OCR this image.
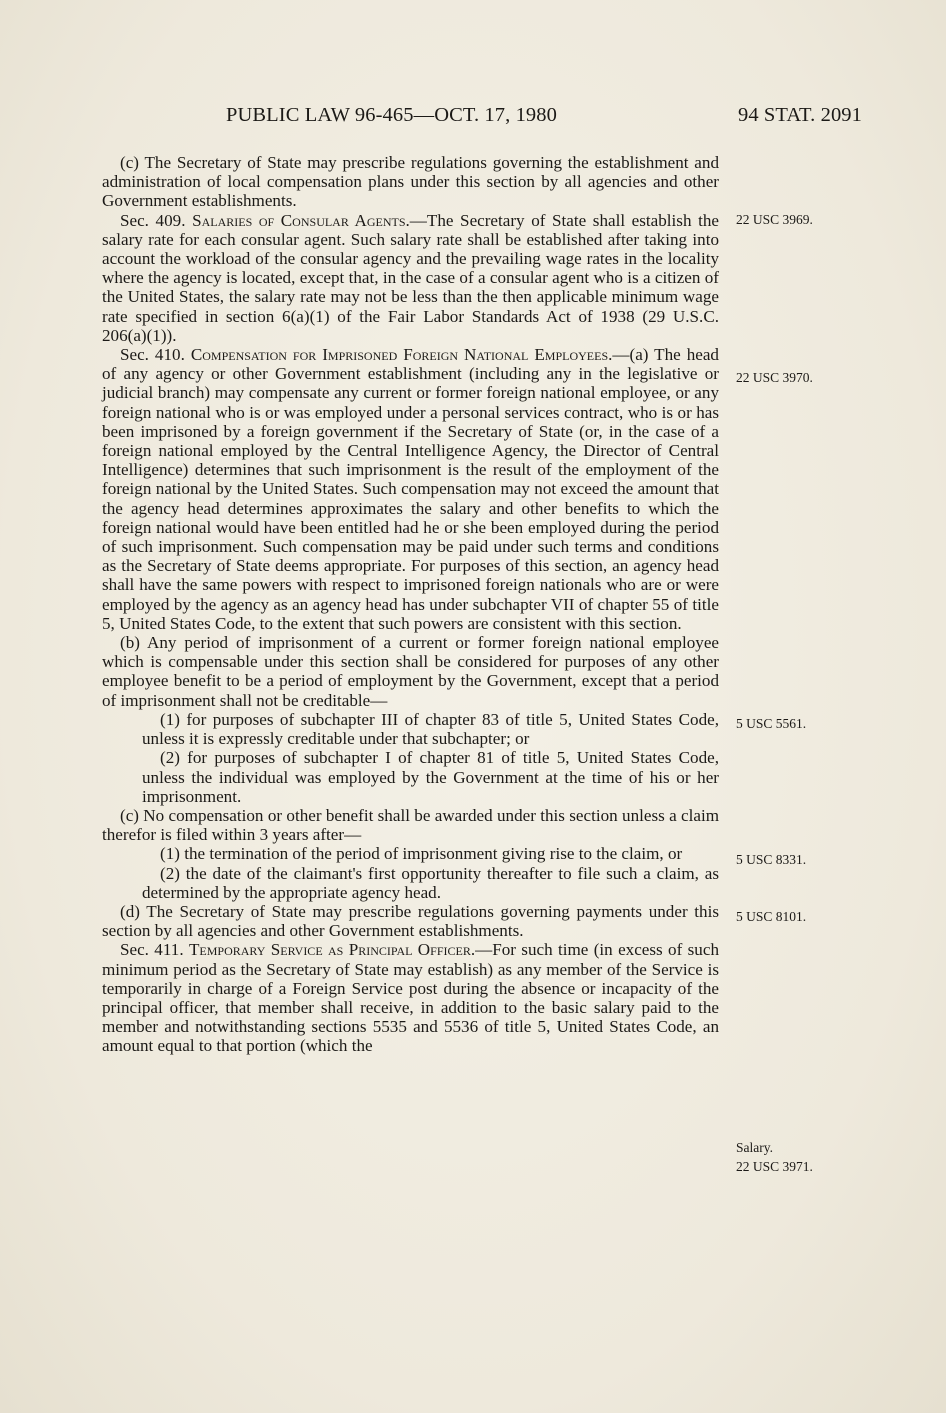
PUBLIC LAW 96-465—OCT. 17, 1980	94 STAT. 2091

(c) The Secretary of State may prescribe regulations governing the establishment and administration of local compensation plans under this section by all agencies and other Government establishments.

Sec. 409. Salaries of Consular Agents.—The Secretary of State shall establish the salary rate for each consular agent. Such salary rate shall be established after taking into account the workload of the consular agency and the prevailing wage rates in the locality where the agency is located, except that, in the case of a consular agent who is a citizen of the United States, the salary rate may not be less than the then applicable minimum wage rate specified in section 6(a)(1) of the Fair Labor Standards Act of 1938 (29 U.S.C. 206(a)(1)).

Sec. 410. Compensation for Imprisoned Foreign National Employees.—(a) The head of any agency or other Government establishment (including any in the legislative or judicial branch) may compensate any current or former foreign national employee, or any foreign national who is or was employed under a personal services contract, who is or has been imprisoned by a foreign government if the Secretary of State (or, in the case of a foreign national employed by the Central Intelligence Agency, the Director of Central Intelligence) determines that such imprisonment is the result of the employment of the foreign national by the United States. Such compensation may not exceed the amount that the agency head determines approximates the salary and other benefits to which the foreign national would have been entitled had he or she been employed during the period of such imprisonment. Such compensation may be paid under such terms and conditions as the Secretary of State deems appropriate. For purposes of this section, an agency head shall have the same powers with respect to imprisoned foreign nationals who are or were employed by the agency as an agency head has under subchapter VII of chapter 55 of title 5, United States Code, to the extent that such powers are consistent with this section.

(b) Any period of imprisonment of a current or former foreign national employee which is compensable under this section shall be considered for purposes of any other employee benefit to be a period of employment by the Government, except that a period of imprisonment shall not be creditable—

(1) for purposes of subchapter III of chapter 83 of title 5, United States Code, unless it is expressly creditable under that subchapter; or

(2) for purposes of subchapter I of chapter 81 of title 5, United States Code, unless the individual was employed by the Government at the time of his or her imprisonment.

(c) No compensation or other benefit shall be awarded under this section unless a claim therefor is filed within 3 years after—

(1) the termination of the period of imprisonment giving rise to the claim, or

(2) the date of the claimant's first opportunity thereafter to file such a claim, as determined by the appropriate agency head.

(d) The Secretary of State may prescribe regulations governing payments under this section by all agencies and other Government establishments.

Sec. 411. Temporary Service as Principal Officer.—For such time (in excess of such minimum period as the Secretary of State may establish) as any member of the Service is temporarily in charge of a Foreign Service post during the absence or incapacity of the principal officer, that member shall receive, in addition to the basic salary paid to the member and notwithstanding sections 5535 and 5536 of title 5, United States Code, an amount equal to that portion (which the

22 USC 3969.
22 USC 3970.
5 USC 5561.
5 USC 8331.
5 USC 8101.
Salary.
22 USC 3971.
